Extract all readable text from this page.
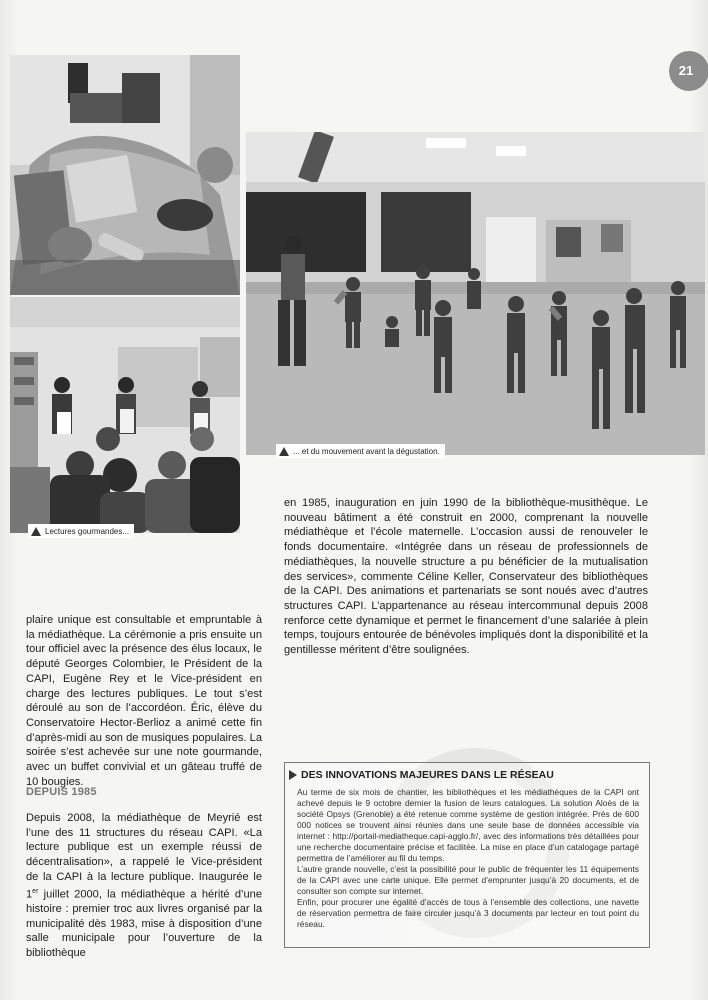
21
Lectures gourmandes...
... et du mouvement avant la dégustation.

plaire unique est consultable et empruntable à la médiathèque. La cérémonie a pris ensuite un tour officiel avec la présence des élus locaux, le député Georges Colombier, le Président de la CAPI, Eugène Rey et le Vice-président en charge des lectures publiques. Le tout s’est déroulé au son de l’accordéon. Éric, élève du Conservatoire Hector-Berlioz a animé cette fin d’après-midi au son de musiques populaires. La soirée s’est achevée sur une note gourmande, avec un buffet convivial et un gâteau truffé de 10 bougies.

DEPUIS 1985

Depuis 2008, la médiathèque de Meyrié est l’une des 11 structures du réseau CAPI. «La lecture publique est un exemple réussi de décentralisation», a rappelé le Vice-président de la CAPI à la lecture publique. Inaugurée le 1er juillet 2000, la médiathèque a hérité d’une histoire : premier troc aux livres organisé par la municipalité dès 1983, mise à disposition d’une salle municipale pour l’ouverture de la bibliothèque

en 1985, inauguration en juin 1990 de la bibliothèque-musithèque. Le nouveau bâtiment a été construit en 2000, comprenant la nouvelle médiathèque et l’école maternelle. L’occasion aussi de renouveler le fonds documentaire. «Intégrée dans un réseau de professionnels de médiathèques, la nouvelle structure a pu bénéficier de la mutualisation des services», commente Céline Keller, Conservateur des bibliothèques de la CAPI. Des animations et partenariats se sont noués avec d’autres structures CAPI. L’appartenance au réseau intercommunal depuis 2008 renforce cette dynamique et permet le financement d’une salariée à plein temps, toujours entourée de bénévoles impliqués dont la disponibilité et la gentillesse méritent d’être soulignées.

DES INNOVATIONS MAJEURES DANS LE RÉSEAU

Au terme de six mois de chantier, les bibliothèques et les médiathèques de la CAPI ont achevé depuis le 9 octobre dernier la fusion de leurs catalogues. La solution Aloès de la société Opsys (Grenoble) a été retenue comme système de gestion intégrée. Près de 600 000 notices se trouvent ainsi réunies dans une seule base de données accessible via internet : http://portail-mediatheque.capi-agglo.fr/, avec des informations très détaillées pour une recherche documentaire précise et facilitée. La mise en place d’un catalogage partagé permettra de l’améliorer au fil du temps.

L’autre grande nouvelle, c’est la possibilité pour le public de fréquenter les 11 équipements de la CAPI avec une carte unique. Elle permet d’emprunter jusqu’à 20 documents, et de consulter son compte sur internet.

Enfin, pour procurer une égalité d’accès de tous à l’ensemble des collections, une navette de réservation permettra de faire circuler jusqu’à 3 documents par lecteur en tout point du réseau.
